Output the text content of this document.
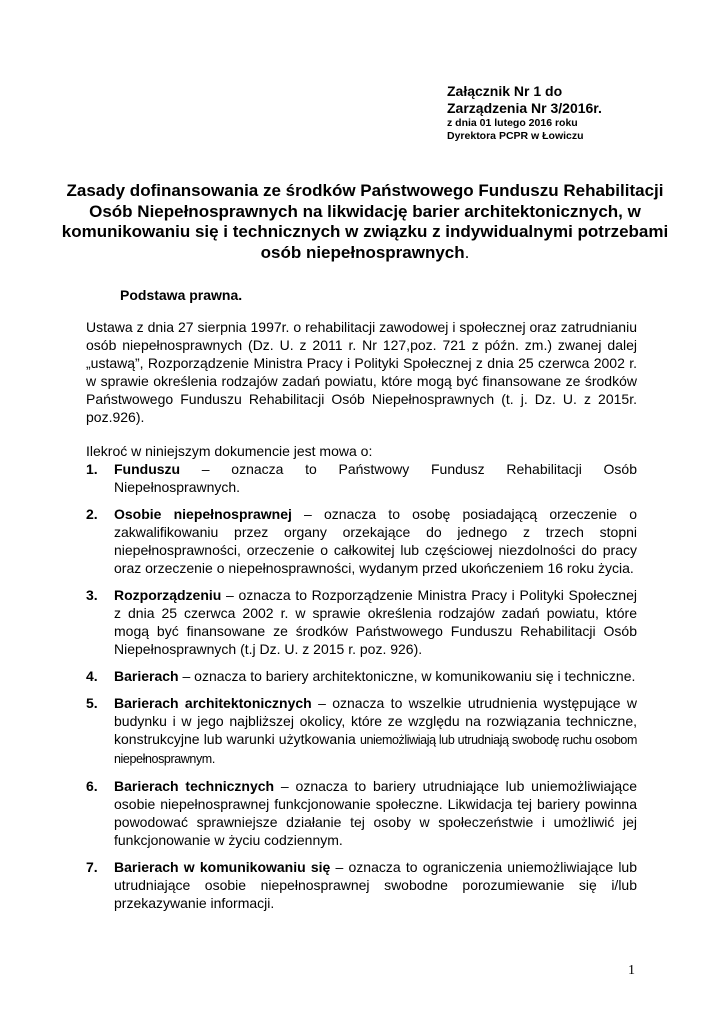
Załącznik Nr 1 do
Zarządzenia Nr 3/2016r.
z dnia 01 lutego 2016 roku
Dyrektora PCPR w Łowiczu
Zasady dofinansowania ze środków Państwowego Funduszu Rehabilitacji Osób Niepełnosprawnych na likwidację barier architektonicznych, w komunikowaniu się i technicznych w związku z indywidualnymi potrzebami osób niepełnosprawnych.
Podstawa prawna.
Ustawa z dnia 27 sierpnia 1997r. o rehabilitacji zawodowej i społecznej oraz zatrudnianiu osób niepełnosprawnych (Dz. U. z 2011 r. Nr 127,poz. 721 z późn. zm.) zwanej dalej „ustawą”, Rozporządzenie Ministra Pracy i Polityki Społecznej z dnia 25 czerwca 2002 r. w sprawie określenia rodzajów zadań powiatu, które mogą być finansowane ze środków Państwowego Funduszu Rehabilitacji Osób Niepełnosprawnych (t. j. Dz. U. z 2015r. poz.926).
Ilekroć w niniejszym dokumencie jest mowa o:
1. Funduszu – oznacza to Państwowy Fundusz Rehabilitacji Osób Niepełnosprawnych.
2. Osobie niepełnosprawnej – oznacza to osobę posiadającą orzeczenie o zakwalifikowaniu przez organy orzekające do jednego z trzech stopni niepełnosprawności, orzeczenie o całkowitej lub częściowej niezdolności do pracy oraz orzeczenie o niepełnosprawności, wydanym przed ukończeniem 16 roku życia.
3. Rozporządzeniu – oznacza to Rozporządzenie Ministra Pracy i Polityki Społecznej z dnia 25 czerwca 2002 r. w sprawie określenia rodzajów zadań powiatu, które mogą być finansowane ze środków Państwowego Funduszu Rehabilitacji Osób Niepełnosprawnych (t.j Dz. U. z 2015 r. poz. 926).
4. Barierach – oznacza to bariery architektoniczne, w komunikowaniu się i techniczne.
5. Barierach architektonicznych – oznacza to wszelkie utrudnienia występujące w budynku i w jego najbliższej okolicy, które ze względu na rozwiązania techniczne, konstrukcyjne lub warunki użytkowania uniemożliwiają lub utrudniają swobodę ruchu osobom niepełnosprawnym.
6. Barierach technicznych – oznacza to bariery utrudniające lub uniemożliwiające osobie niepełnosprawnej funkcjonowanie społeczne. Likwidacja tej bariery powinna powodować sprawniejsze działanie tej osoby w społeczeństwie i umożliwić jej funkcjonowanie w życiu codziennym.
7. Barierach w komunikowaniu się – oznacza to ograniczenia uniemożliwiające lub utrudniające osobie niepełnosprawnej swobodne porozumiewanie się i/lub przekazywanie informacji.
1
